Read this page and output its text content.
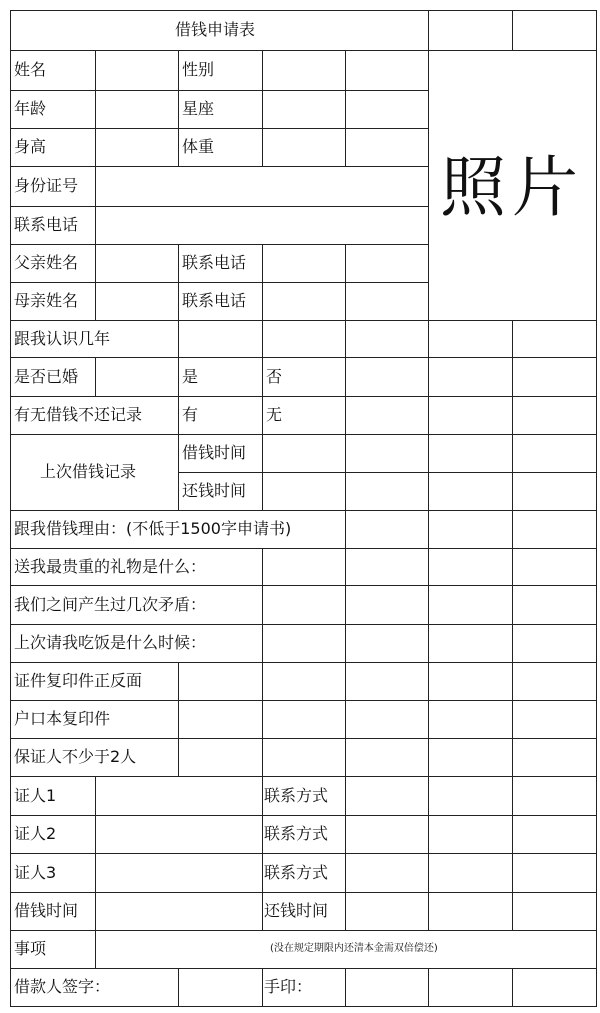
借钱申请表
照片
姓名	性别
年龄	星座
身高	体重
身份证号
联系电话
父亲姓名	联系电话
母亲姓名	联系电话
跟我认识几年
是否已婚	是	否
有无借钱不还记录 有	无
上次借钱记录
借钱时间
还钱时间
跟我借钱理由：(不低于1500字申请书)
送我最贵重的礼物是什么：
我们之间产生过几次矛盾：
上次请我吃饭是什么时候：
证件复印件正反面
户口本复印件
保证人不少于2人
证人1	联系方式
证人2	联系方式
证人3	联系方式
借钱时间	还钱时间
事项	(没在规定期限内还清本金需双倍偿还)
借款人签字：	手印：
